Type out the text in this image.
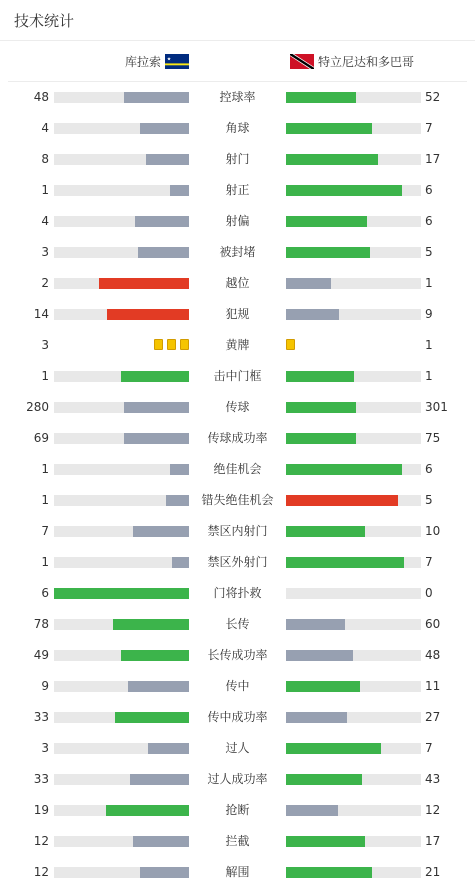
技术统计
库拉索	特立尼达和多巴哥
48	控球率	52
4	角球	7
8	射门	17
1	射正	6
4	射偏	6
3	被封堵	5
2	越位	1
14	犯规	9
3	黄牌	1
1	击中门框	1
280	传球	301
69	传球成功率	75
1	绝佳机会	6
1	错失绝佳机会	5
7	禁区内射门	10
1	禁区外射门	7
6	门将扑救	0
78	长传	60
49	长传成功率	48
9	传中	11
33	传中成功率	27
3	过人	7
33	过人成功率	43
19	抢断	12
12	拦截	17
12	解围	21
